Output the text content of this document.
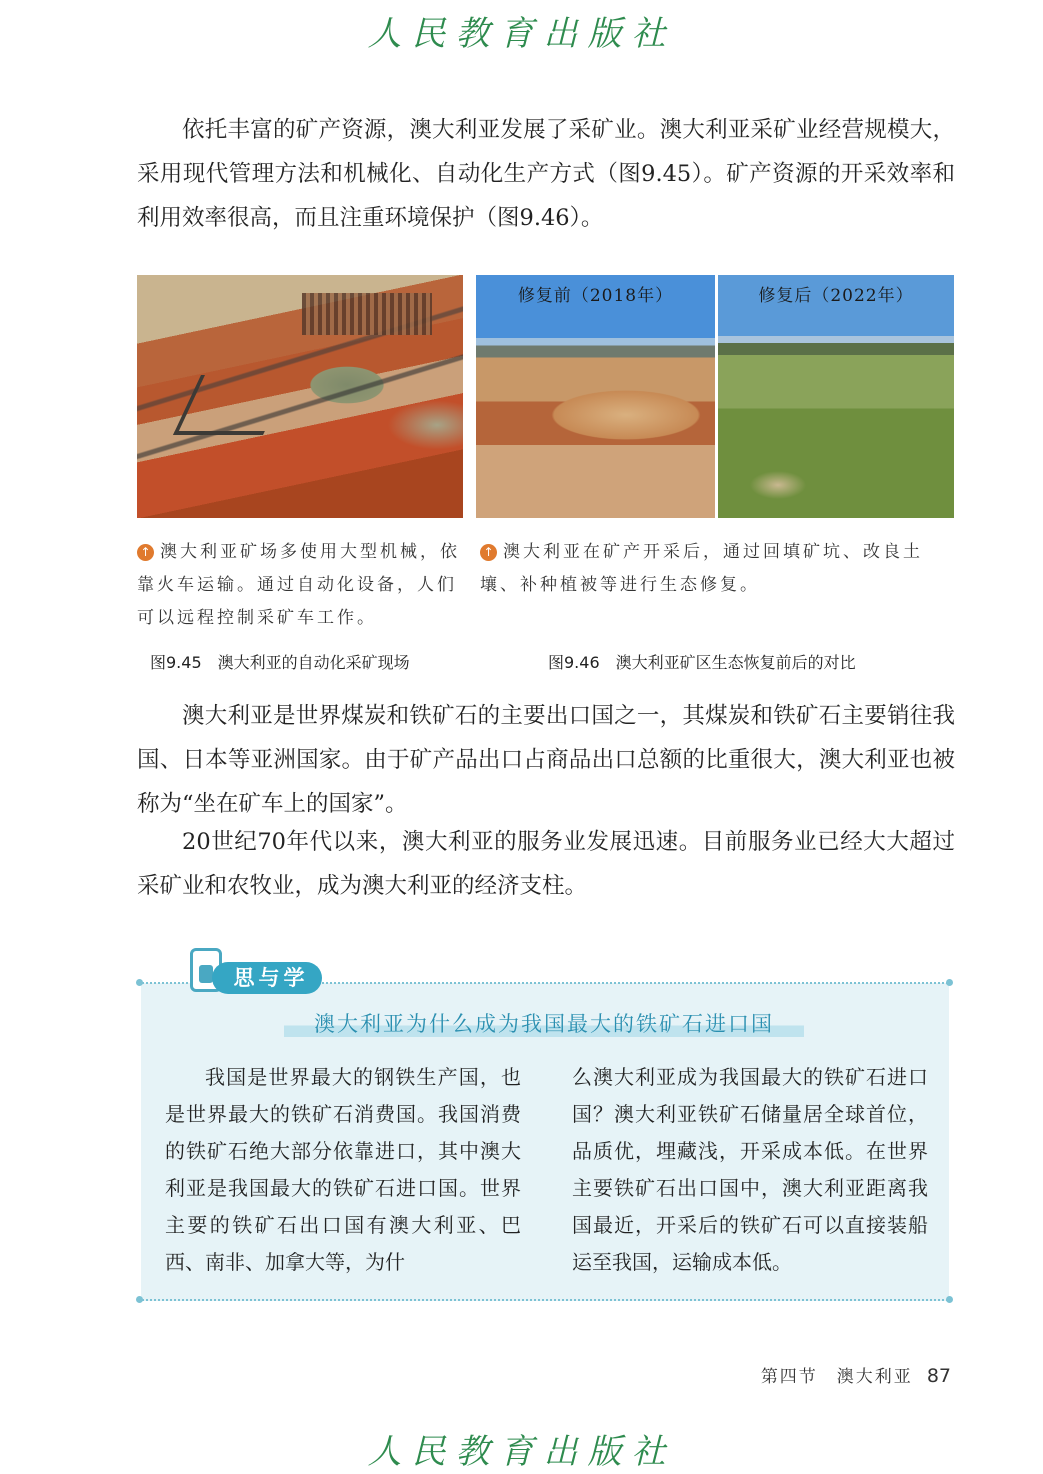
人民教育出版社

依托丰富的矿产资源，澳大利亚发展了采矿业。澳大利亚采矿业经营规模大，采用现代管理方法和机械化、自动化生产方式（图9.45）。矿产资源的开采效率和利用效率很高，而且注重环境保护（图9.46）。

修复前（2018年）	修复后（2022年）
↑ 澳大利亚矿场多使用大型机械，依靠火车运输。通过自动化设备，人们可以远程控制采矿车工作。
↑ 澳大利亚在矿产开采后，通过回填矿坑、改良土壤、补种植被等进行生态修复。
图9.45　澳大利亚的自动化采矿现场	图9.46　澳大利亚矿区生态恢复前后的对比

澳大利亚是世界煤炭和铁矿石的主要出口国之一，其煤炭和铁矿石主要销往我国、日本等亚洲国家。由于矿产品出口占商品出口总额的比重很大，澳大利亚也被称为“坐在矿车上的国家”。

20世纪70年代以来，澳大利亚的服务业发展迅速。目前服务业已经大大超过采矿业和农牧业，成为澳大利亚的经济支柱。

思与学
澳大利亚为什么成为我国最大的铁矿石进口国

我国是世界最大的钢铁生产国，也是世界最大的铁矿石消费国。我国消费的铁矿石绝大部分依靠进口，其中澳大利亚是我国最大的铁矿石进口国。世界主要的铁矿石出口国有澳大利亚、巴西、南非、加拿大等，为什

么澳大利亚成为我国最大的铁矿石进口国？澳大利亚铁矿石储量居全球首位，品质优，埋藏浅，开采成本低。在世界主要铁矿石出口国中，澳大利亚距离我国最近，开采后的铁矿石可以直接装船运至我国，运输成本低。

第四节　澳大利亚 87
人民教育出版社
